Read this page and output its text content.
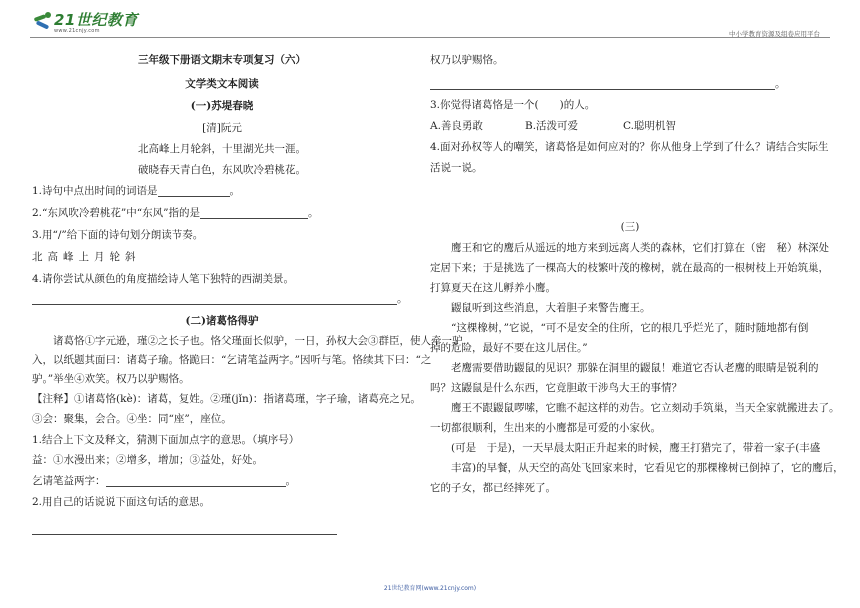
21世纪教育
www.21cnjy.com	中小学教育资源及组卷应用平台
三年级下册语文期末专项复习（六）
文学类文本阅读
(一)苏堤春晓
[清]阮元
北高峰上月轮斜，十里湖光共一涯。
破晓春天青白色，东风吹冷碧桃花。
1.诗句中点出时间的词语是	。
2.“东风吹冷碧桃花”中“东风”指的是	。
3.用“/”给下面的诗句划分朗读节奏。
北高峰上月轮斜
4.请你尝试从颜色的角度描绘诗人笔下独特的西湖美景。
。
(二)诸葛恪得驴
诸葛恪①字元逊，瑾②之长子也。恪父瑾面长似驴，一日，孙权大会③群臣，使人牵一驴
入，以纸题其面曰：诸葛子瑜。恪跪曰：“乞请笔益两字。”因听与笔。恪续其下曰：“之
驴。”举坐④欢笑。权乃以驴赐恪。
【注释】①诸葛恪(kè)：诸葛，复姓。②瑾(jǐn)：指诸葛瑾，字子瑜，诸葛亮之兄。
③会：聚集，会合。④坐：同“座”，座位。
1.结合上下文及释文，猜测下面加点字的意思。（填序号）
益：①水漫出来；②增多，增加；③益处，好处。
乞请笔益两字：	。
2.用自己的话说说下面这句话的意思。
权乃以驴赐恪。
。
3.你觉得诸葛恪是一个(　　)的人。
A.善良勇敢	B.活泼可爱	C.聪明机智
4.面对孙权等人的嘲笑，诸葛恪是如何应对的？你从他身上学到了什么？请结合实际生
活说一说。
(三)
鹰王和它的鹰后从遥远的地方来到远离人类的森林，它们打算在（密　秘）林深处
定居下来；于是挑选了一棵高大的枝繁叶茂的橡树，就在最高的一根树枝上开始筑巢，
打算夏天在这儿孵养小鹰。
鼹鼠听到这些消息，大着胆子来警告鹰王。
“这棵橡树，”它说，“可不是安全的住所，它的根几乎烂光了，随时随地都有倒
掉的危险，最好不要在这儿居住。”
老鹰需要借助鼹鼠的见识？那躲在洞里的鼹鼠！难道它否认老鹰的眼睛是锐利的
吗？这鼹鼠是什么东西，它竟胆敢干涉鸟大王的事情？
鹰王不跟鼹鼠啰嗦，它瞧不起这样的劝告。它立刻动手筑巢，当天全家就搬进去了。
一切都很顺利，生出来的小鹰都是可爱的小家伙。
(可是　于是)，一天早晨太阳正升起来的时候，鹰王打猎完了，带着一家子(丰盛
丰富)的早餐，从天空的高处飞回家来时，它看见它的那棵橡树已倒掉了，它的鹰后，
它的子女，都已经摔死了。
21世纪教育网(www.21cnjy.com)
